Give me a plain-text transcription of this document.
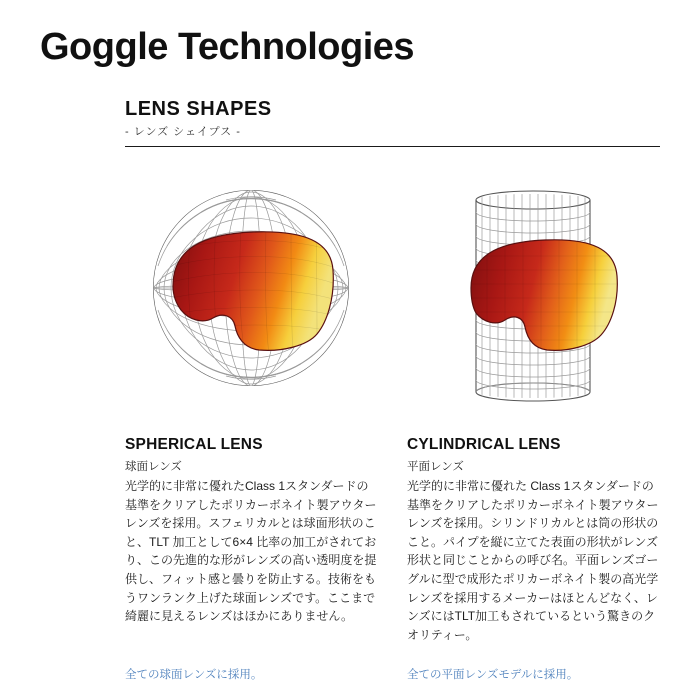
Goggle Technologies
LENS SHAPES
- レンズ シェイプス -
SPHERICAL LENS
球面レンズ

光学的に非常に優れたClass 1スタンダードの基準をクリアしたポリカーボネイト製アウターレンズを採用。スフェリカルとは球面形状のこと、TLT 加工として6×4 比率の加工がされており、この先進的な形がレンズの高い透明度を提供し、フィット感と曇りを防止する。技術をもうワンランク上げた球面レンズです。ここまで綺麗に見えるレンズはほかにありません。

全ての球面レンズに採用。
CYLINDRICAL LENS
平面レンズ

光学的に非常に優れた Class 1スタンダードの基準をクリアしたポリカーボネイト製アウターレンズを採用。シリンドリカルとは筒の形状のこと。パイプを縦に立てた表面の形状がレンズ形状と同じことからの呼び名。平面レンズゴーグルに型で成形たポリカーボネイト製の高光学レンズを採用するメーカーはほとんどなく、レンズにはTLT加工もされているという驚きのクオリティー。

全ての平面レンズモデルに採用。
